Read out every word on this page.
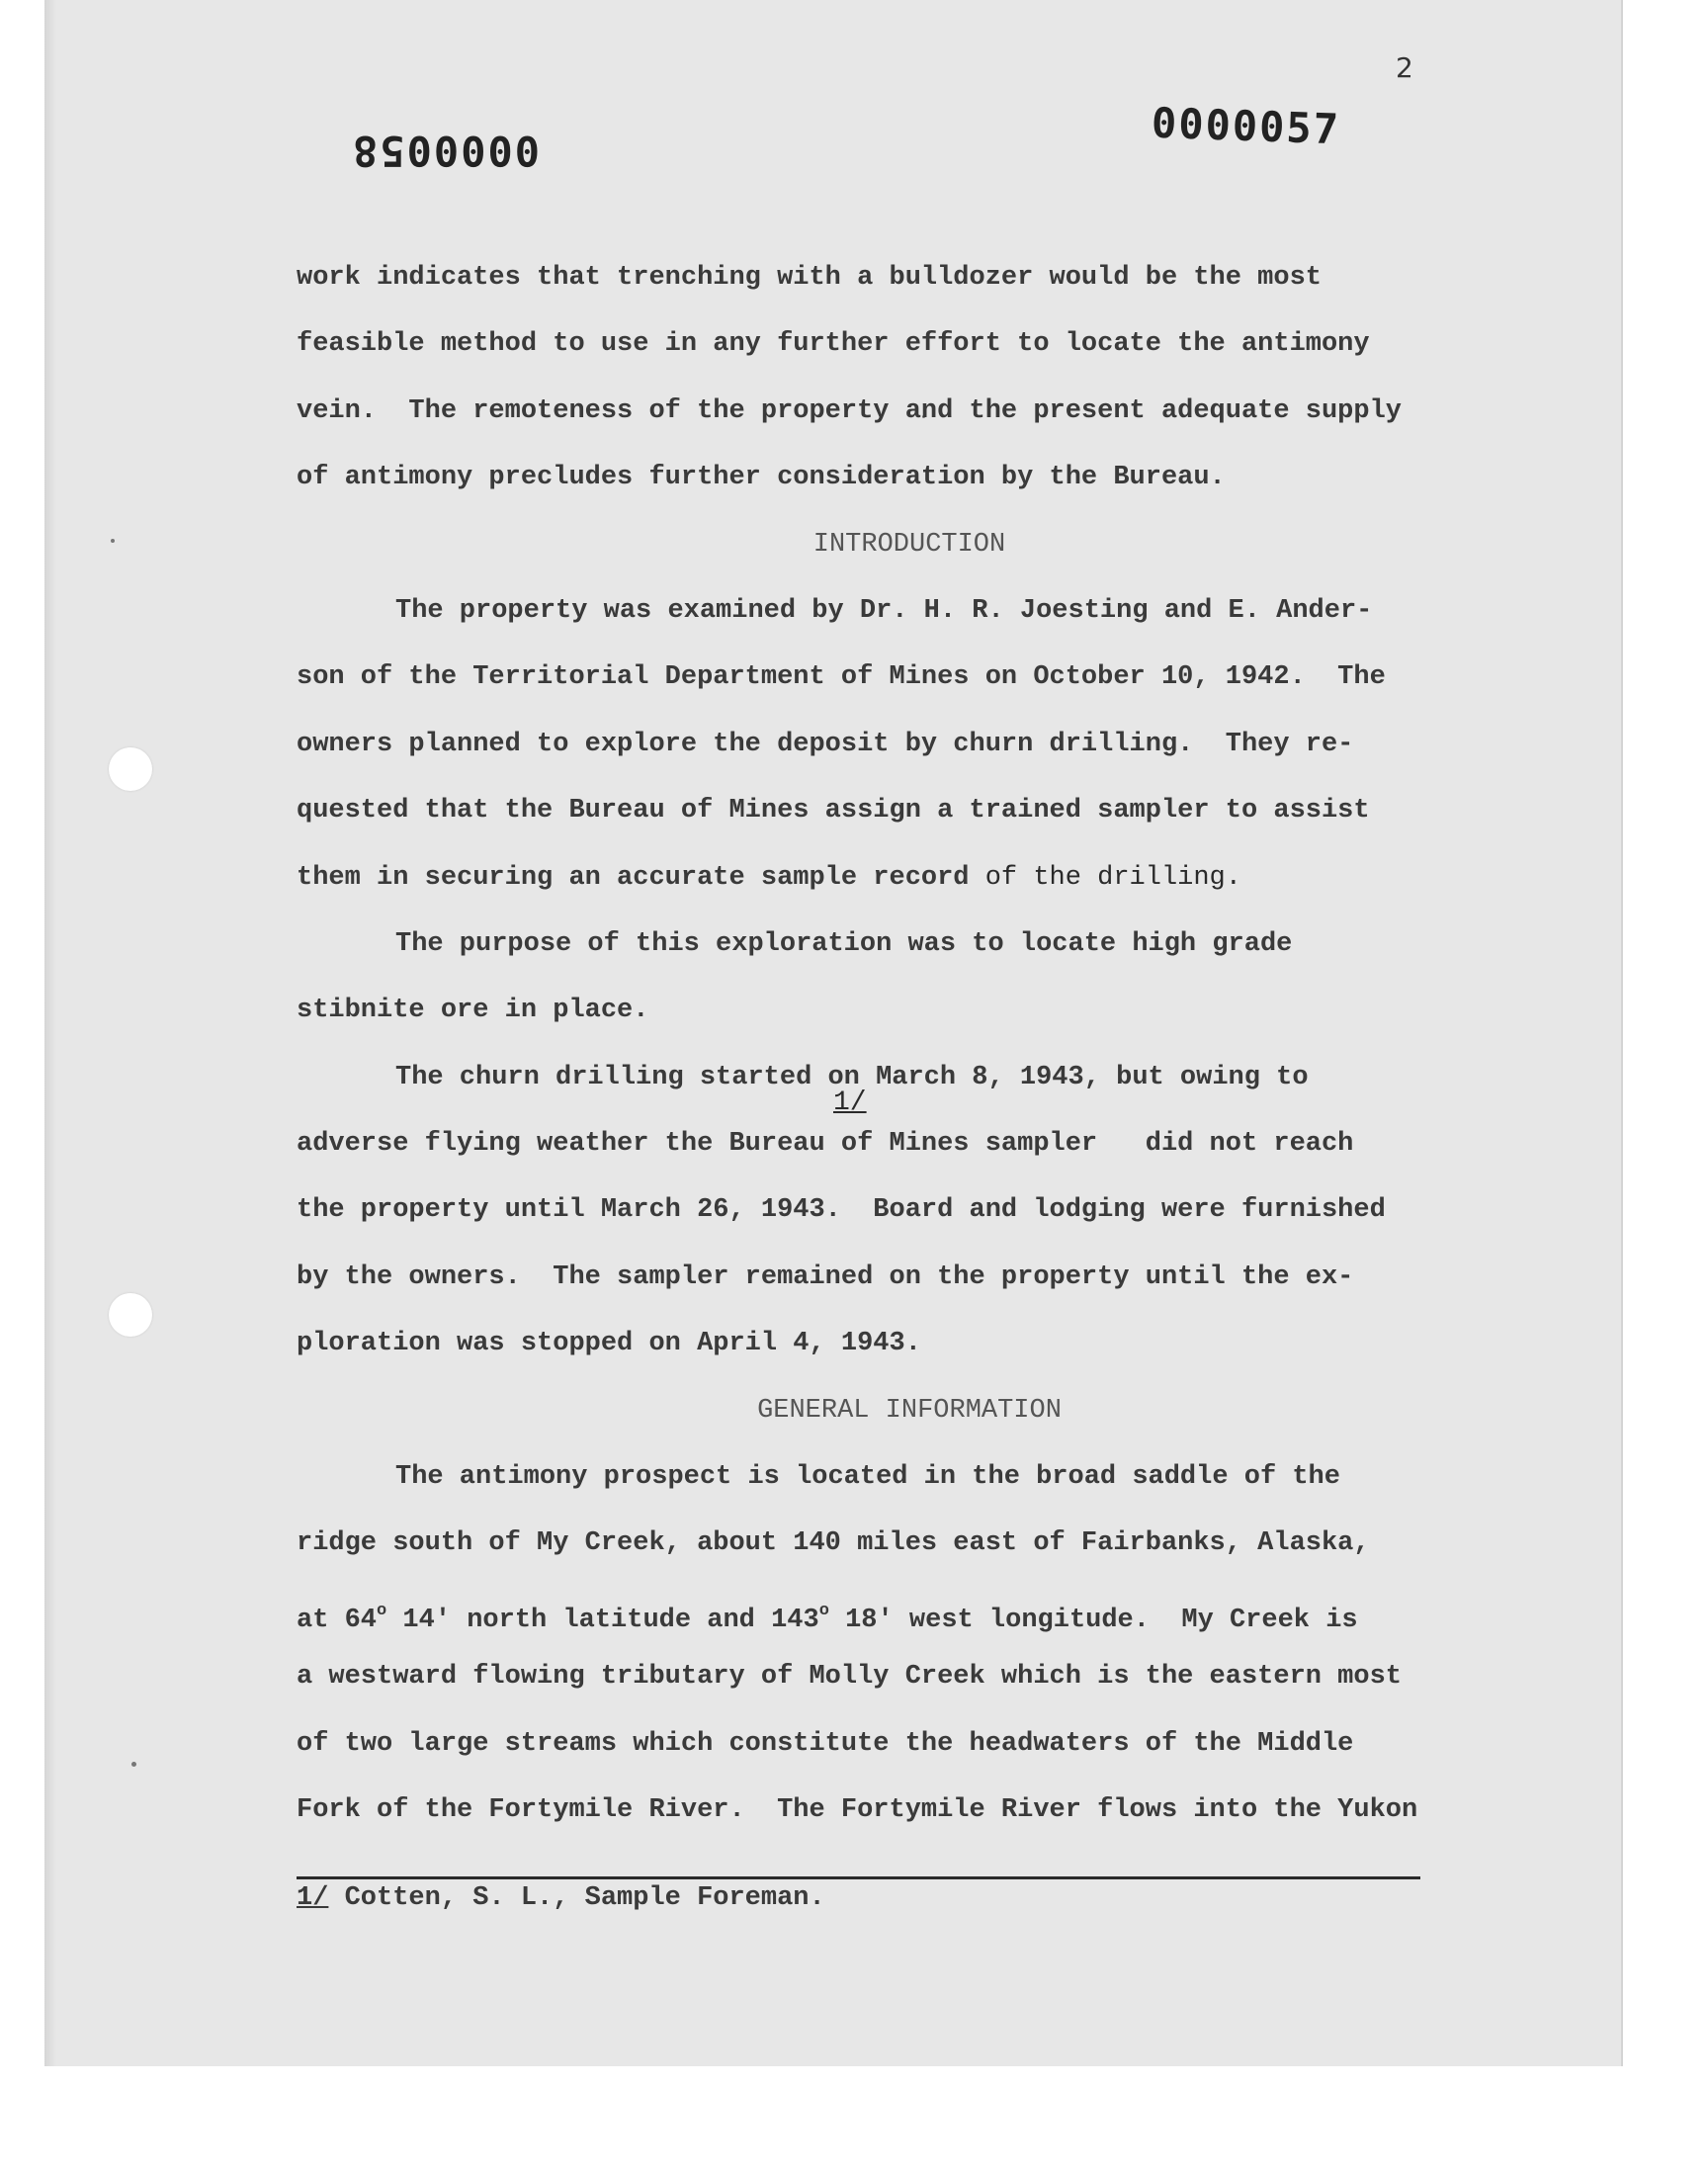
0000058	0000057
2
work indicates that trenching with a bulldozer would be the most
feasible method to use in any further effort to locate the antimony
vein.  The remoteness of the property and the present adequate supply
of antimony precludes further consideration by the Bureau.
INTRODUCTION
The property was examined by Dr. H. R. Joesting and E. Ander-
son of the Territorial Department of Mines on October 10, 1942.  The
owners planned to explore the deposit by churn drilling.  They re-
quested that the Bureau of Mines assign a trained sampler to assist
them in securing an accurate sample record of the drilling.
The purpose of this exploration was to locate high grade
stibnite ore in place.
The churn drilling started on March 8, 1943, but owing to
adverse flying weather the Bureau of Mines sampler   did not reach
the property until March 26, 1943.  Board and lodging were furnished
by the owners.  The sampler remained on the property until the ex-
ploration was stopped on April 4, 1943.
GENERAL INFORMATION
The antimony prospect is located in the broad saddle of the
ridge south of My Creek, about 140 miles east of Fairbanks, Alaska,
at 64$^o$ 14' north latitude and 143$^o$ 18' west longitude.  My Creek is
a westward flowing tributary of Molly Creek which is the eastern most
of two large streams which constitute the headwaters of the Middle
Fork of the Fortymile River.  The Fortymile River flows into the Yukon
1/
1/ Cotten, S. L., Sample Foreman.
